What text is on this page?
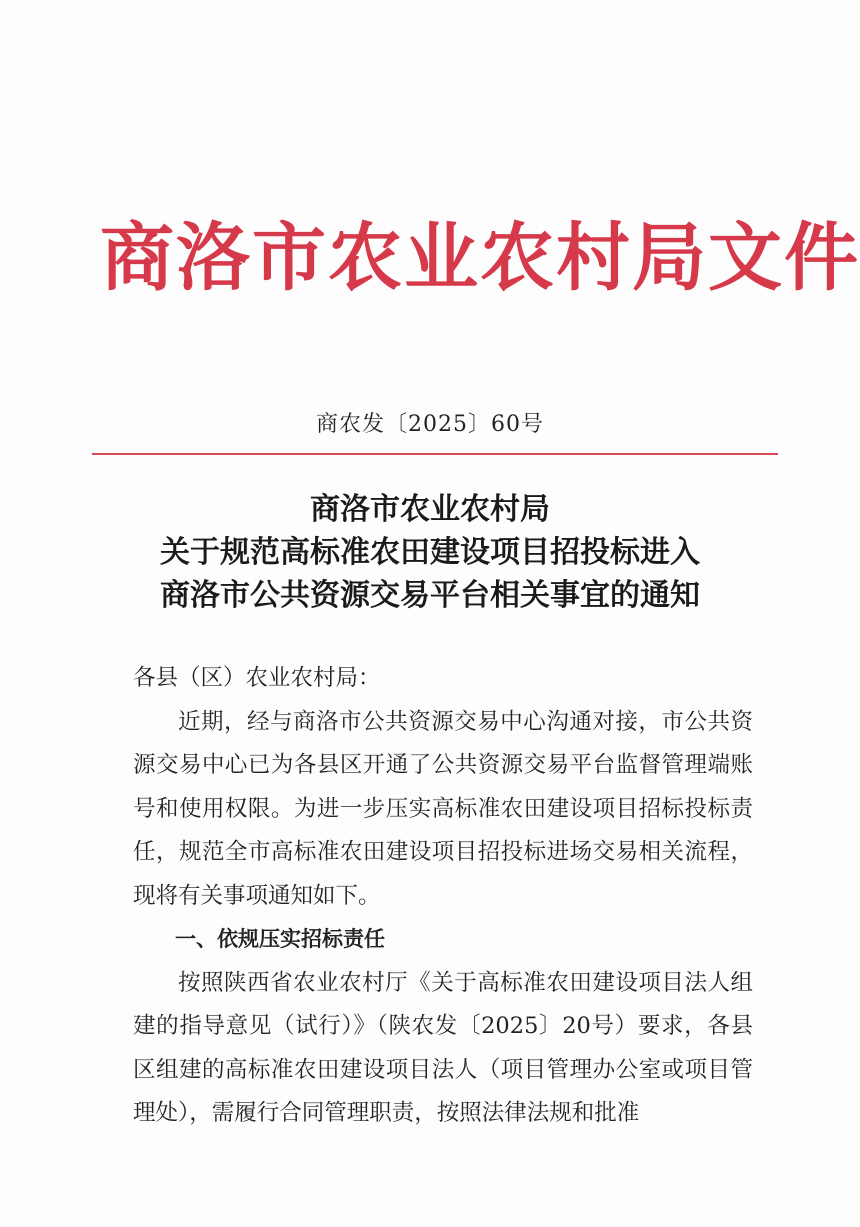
商洛市农业农村局文件
商农发〔2025〕60号
商洛市农业农村局
关于规范高标准农田建设项目招投标进入
商洛市公共资源交易平台相关事宜的通知

各县（区）农业农村局：

近期，经与商洛市公共资源交易中心沟通对接，市公共资源交易中心已为各县区开通了公共资源交易平台监督管理端账号和使用权限。为进一步压实高标准农田建设项目招标投标责任，规范全市高标准农田建设项目招投标进场交易相关流程，现将有关事项通知如下。

一、依规压实招标责任

按照陕西省农业农村厅《关于高标准农田建设项目法人组建的指导意见（试行）》（陕农发〔2025〕20号）要求，各县区组建的高标准农田建设项目法人（项目管理办公室或项目管理处），需履行合同管理职责，按照法律法规和批准
